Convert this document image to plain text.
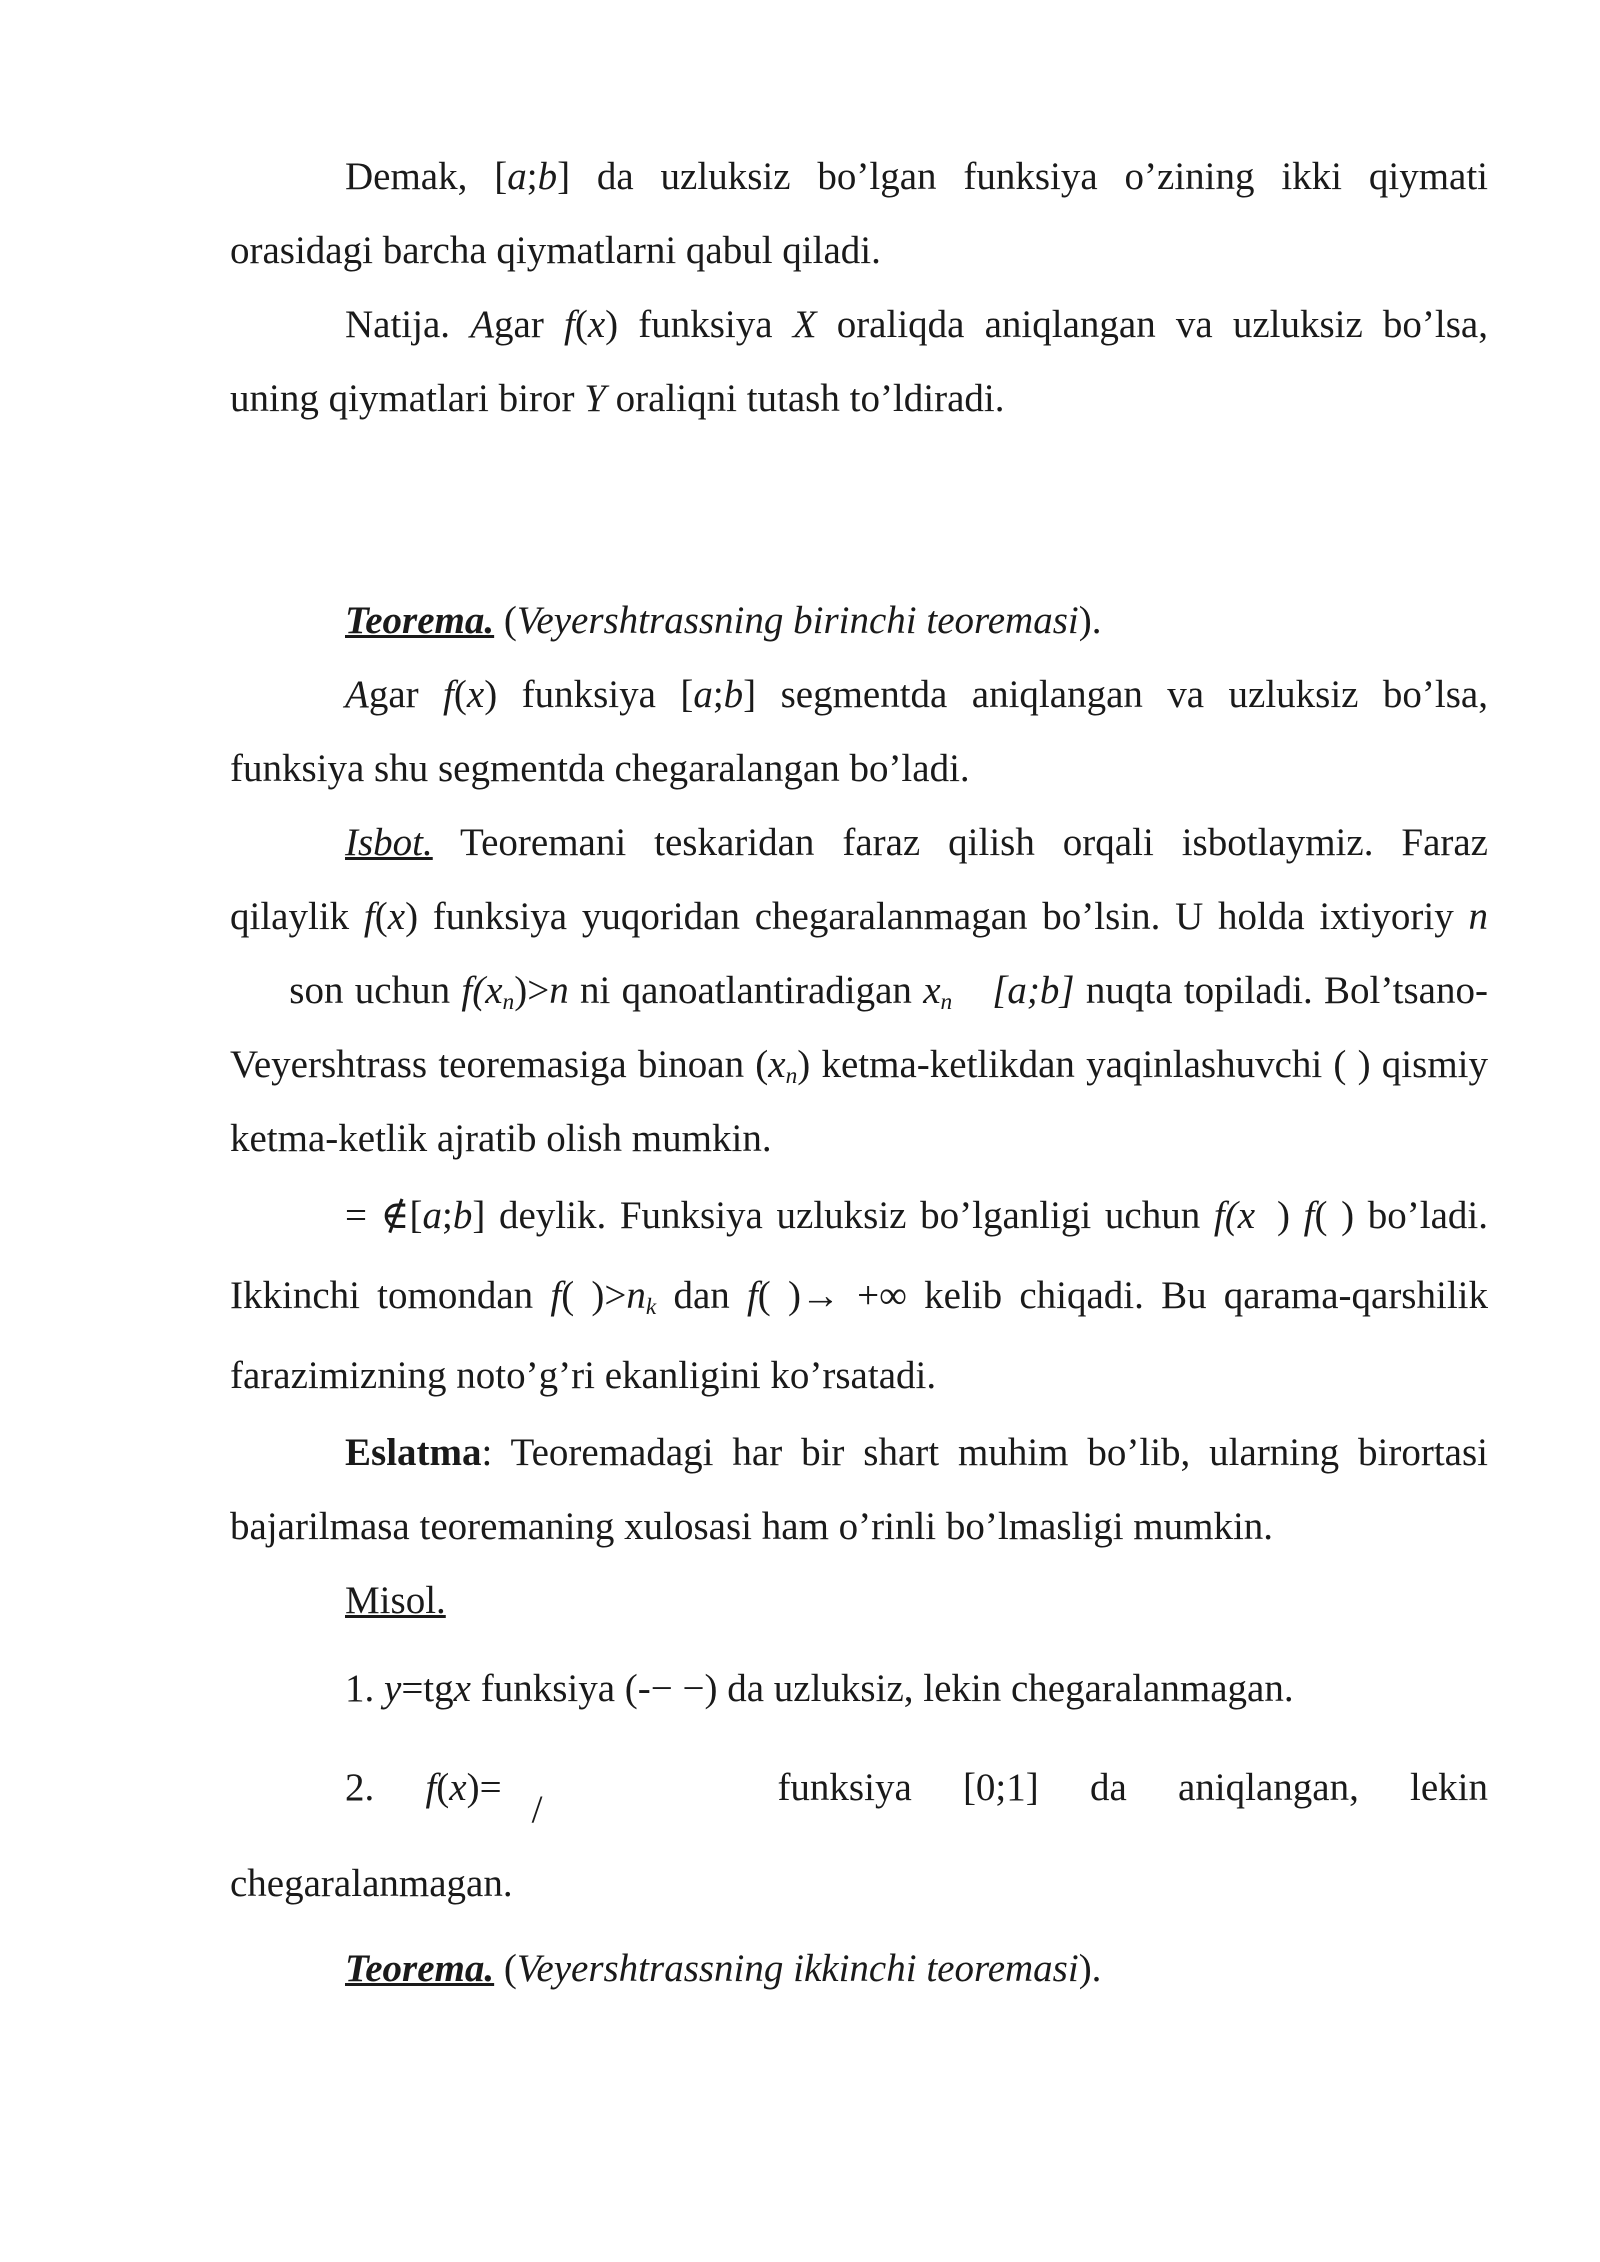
Demak, [a;b] da uzluksiz bo’lgan funksiya o’zining ikki qiymati orasidagi barcha qiymatlarni qabul qiladi.

Natija. Agar f(x) funksiya X oraliqda aniqlangan va uzluksiz bo’lsa, uning qiymatlari biror Y oraliqni tutash to’ldiradi.

Teorema. (Veyershtrassning birinchi teoremasi).

Agar f(x) funksiya [a;b] segmentda aniqlangan va uzluksiz bo’lsa, funksiya shu segmentda chegaralangan bo’ladi.

Isbot. Teoremani teskaridan faraz qilish orqali isbotlaymiz. Faraz qilaylik f(x) funksiya yuqoridan chegaralanmagan bo’lsin. U holda ixtiyoriy n son uchun $f(x_n)>n$ ni qanoatlantiradigan $x_n$ [a;b] nuqta topiladi. Bol’tsano-Veyershtrass teoremasiga binoan $(x_n)$ ketma-ketlikdan yaqinlashuvchi ( ) qismiy ketma-ketlik ajratib olish mumkin.

= ∉[a;b] deylik. Funksiya uzluksiz bo’lganligi uchun f(x ) f( ) bo’ladi. Ikkinchi tomondan f( )$>n_k$ dan f( )→ +∞ kelib chiqadi. Bu qarama-qarshilik farazimizning noto’g’ri ekanligini ko’rsatadi.

Eslatma: Teoremadagi har bir shart muhim bo’lib, ularning birortasi bajarilmasa teoremaning xulosasi ham o’rinli bo’lmasligi mumkin.

Misol.

1. y=tgx funksiya (-− −) da uzluksiz, lekin chegaralanmagan.

2. f(x)=/funksiya [0;1] da aniqlangan, lekin chegaralanmagan.

Teorema. (Veyershtrassning ikkinchi teoremasi).
